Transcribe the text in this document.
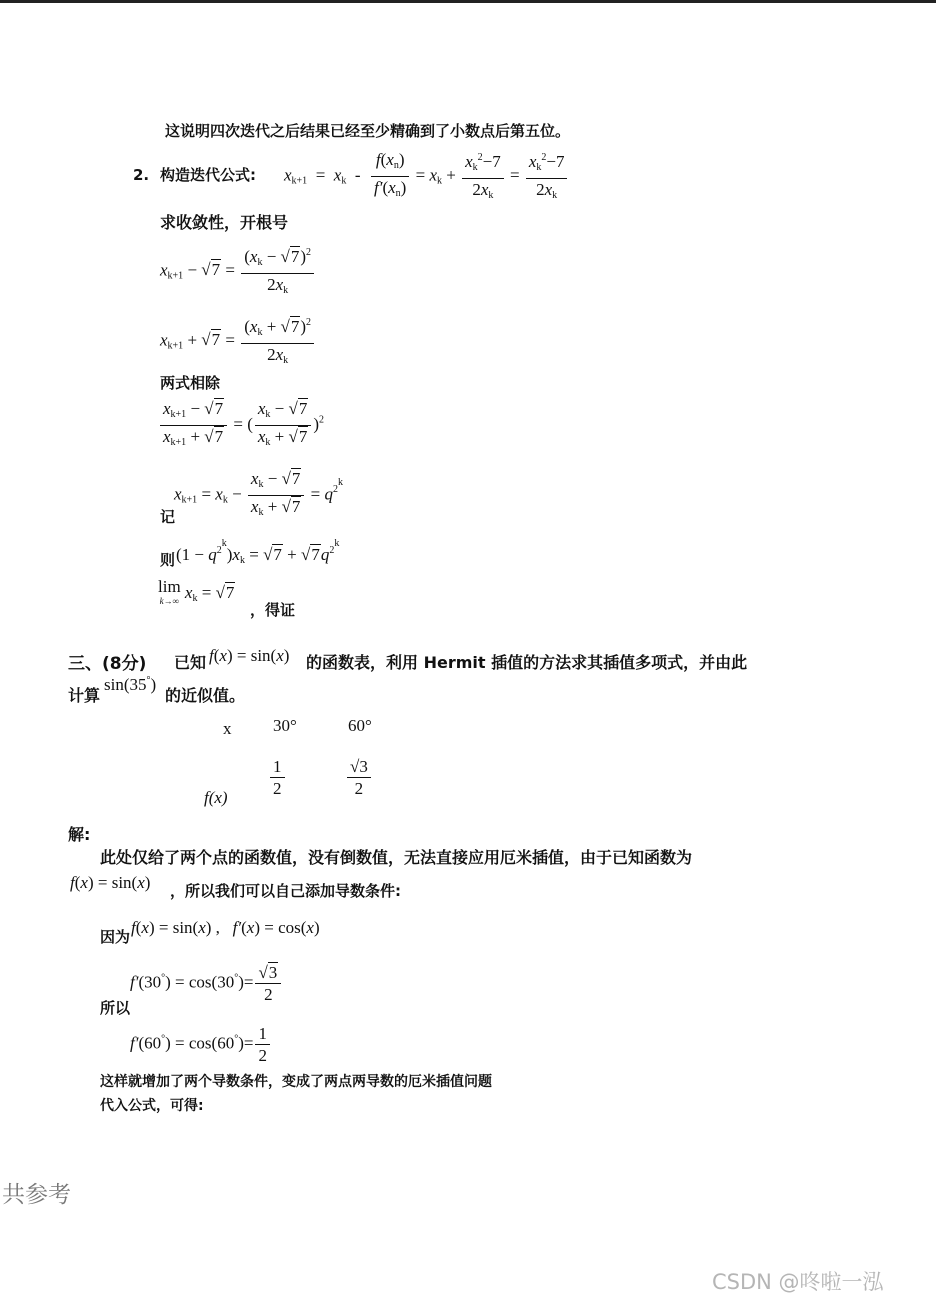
这说明四次迭代之后结果已经至少精确到了小数点后第五位。
2. 构造迭代公式: $x_{k+1} = x_k - \frac{f(x_n)}{f'(x_n)} = x_k + \frac{x_k^2-7}{2x_k} = \frac{x_k^2-7}{2x_k}$
求收敛性，开根号
$x_{k+1} - √7 = \frac{(x_k - √7)^2}{2x_k}$
$x_{k+1} + √7 = \frac{(x_k + √7)^2}{2x_k}$
两式相除
$\frac{x_{k+1} - √7}{x_{k+1} + √7}$ = ( $\frac{x_k - √7}{x_k + √7} )^2$
$x_{k+1} = x_k - \frac{x_k - √7}{x_k + √7} = q^{2^k}$
记
则 $(1 - q^{2^k})x_k = √7 + √7q^{2^k}$
lim
k→∞ $x_k = √7$
，得证
三、(8分) 已知 f(x) = sin(x) 的函数表，利用 Hermit 插值的方法求其插值多项式，并由此
计算
sin(35°)
的近似值。
x 30°	60°
$f(x) \frac{1}{2}$	$\frac{√3}{2}$
解:
此处仅给了两个点的函数值，没有倒数值，无法直接应用厄米插值，由于已知函数为
f(x) = sin(x) ，所以我们可以自己添加导数条件:
因为 f(x) = sin(x) ,   f′(x) = cos(x)
$f'(30^\circ) = \cos(30^\circ)= \frac{√3}{2}$
所以
$f'(60^\circ) = \cos(60^\circ)= \frac{1}{2}$
这样就增加了两个导数条件，变成了两点两导数的厄米插值问题
代入公式，可得:
共参考
CSDN @咚啦一泓
